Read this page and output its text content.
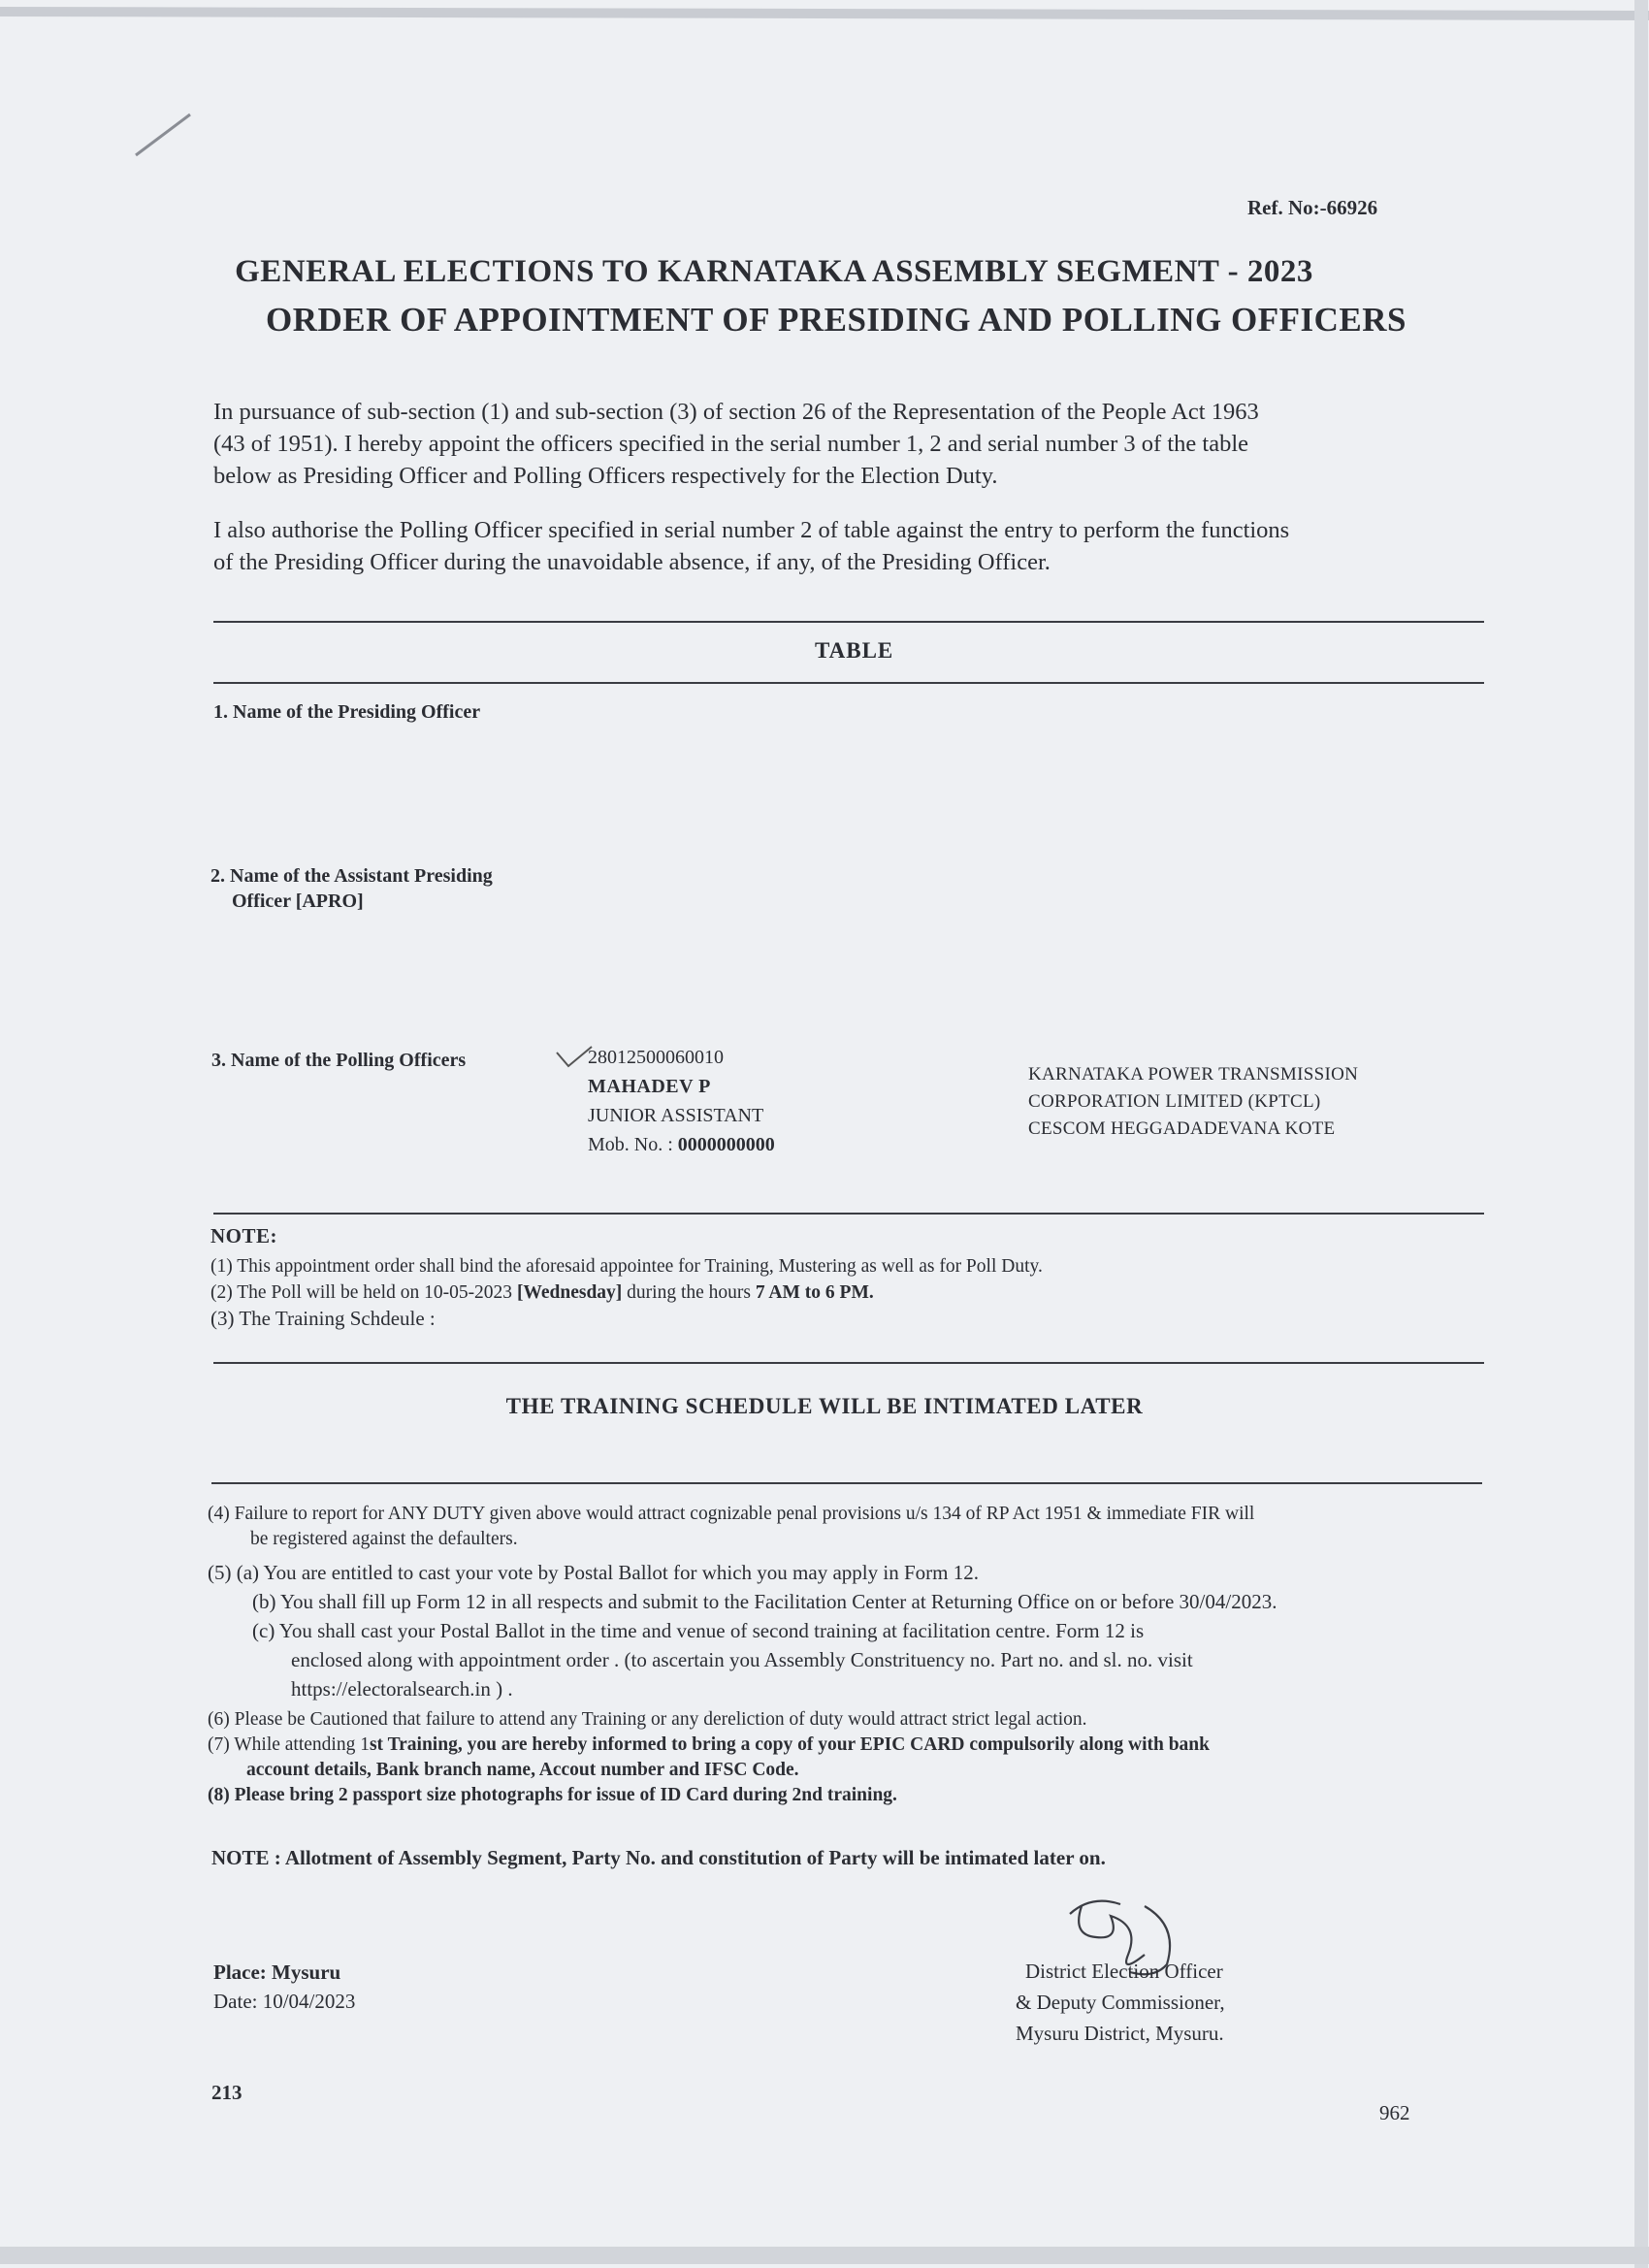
Ref. No:-66926
GENERAL ELECTIONS TO KARNATAKA ASSEMBLY SEGMENT - 2023
ORDER OF APPOINTMENT OF PRESIDING AND POLLING OFFICERS
In pursuance of sub-section (1) and sub-section (3) of section 26 of the Representation of the People Act 1963
(43 of 1951). I hereby appoint the officers specified in the serial number 1, 2 and serial number 3 of the table
below as Presiding Officer and Polling Officers respectively for the Election Duty.
I also authorise the Polling Officer specified in serial number 2 of table against the entry to perform the functions
of the Presiding Officer during the unavoidable absence, if any, of the Presiding Officer.
TABLE
1. Name of the Presiding Officer
2. Name of the Assistant Presiding
Officer [APRO]
3. Name of the Polling Officers	28012500060010
MAHADEV P
JUNIOR ASSISTANT
Mob. No. : 0000000000
KARNATAKA POWER TRANSMISSION
CORPORATION LIMITED (KPTCL)
CESCOM HEGGADADEVANA KOTE
NOTE:
(1) This appointment order shall bind the aforesaid appointee for Training, Mustering as well as for Poll Duty.
(2) The Poll will be held on 10-05-2023 [Wednesday] during the hours 7 AM to 6 PM.
(3) The Training Schdeule :
THE TRAINING SCHEDULE WILL BE INTIMATED LATER
(4) Failure to report for ANY DUTY given above would attract cognizable penal provisions u/s 134 of RP Act 1951 & immediate FIR will
be registered against the defaulters.
(5) (a) You are entitled to cast your vote by Postal Ballot for which you may apply in Form 12.
(b) You shall fill up Form 12 in all respects and submit to the Facilitation Center at Returning Office on or before 30/04/2023.
(c) You shall cast your Postal Ballot in the time and venue of second training at facilitation centre. Form 12 is
enclosed along with appointment order . (to ascertain you Assembly Constrituency no. Part no. and sl. no. visit
https://electoralsearch.in ) .
(6) Please be Cautioned that failure to attend any Training or any dereliction of duty would attract strict legal action.
(7) While attending 1st Training, you are hereby informed to bring a copy of your EPIC CARD compulsorily along with bank
account details, Bank branch name, Accout number and IFSC Code.
(8) Please bring 2 passport size photographs for issue of ID Card during 2nd training.
NOTE : Allotment of Assembly Segment, Party No. and constitution of Party will be intimated later on.
Place: Mysuru
Date: 10/04/2023
District Election Officer
& Deputy Commissioner,
Mysuru District, Mysuru.
213
962
